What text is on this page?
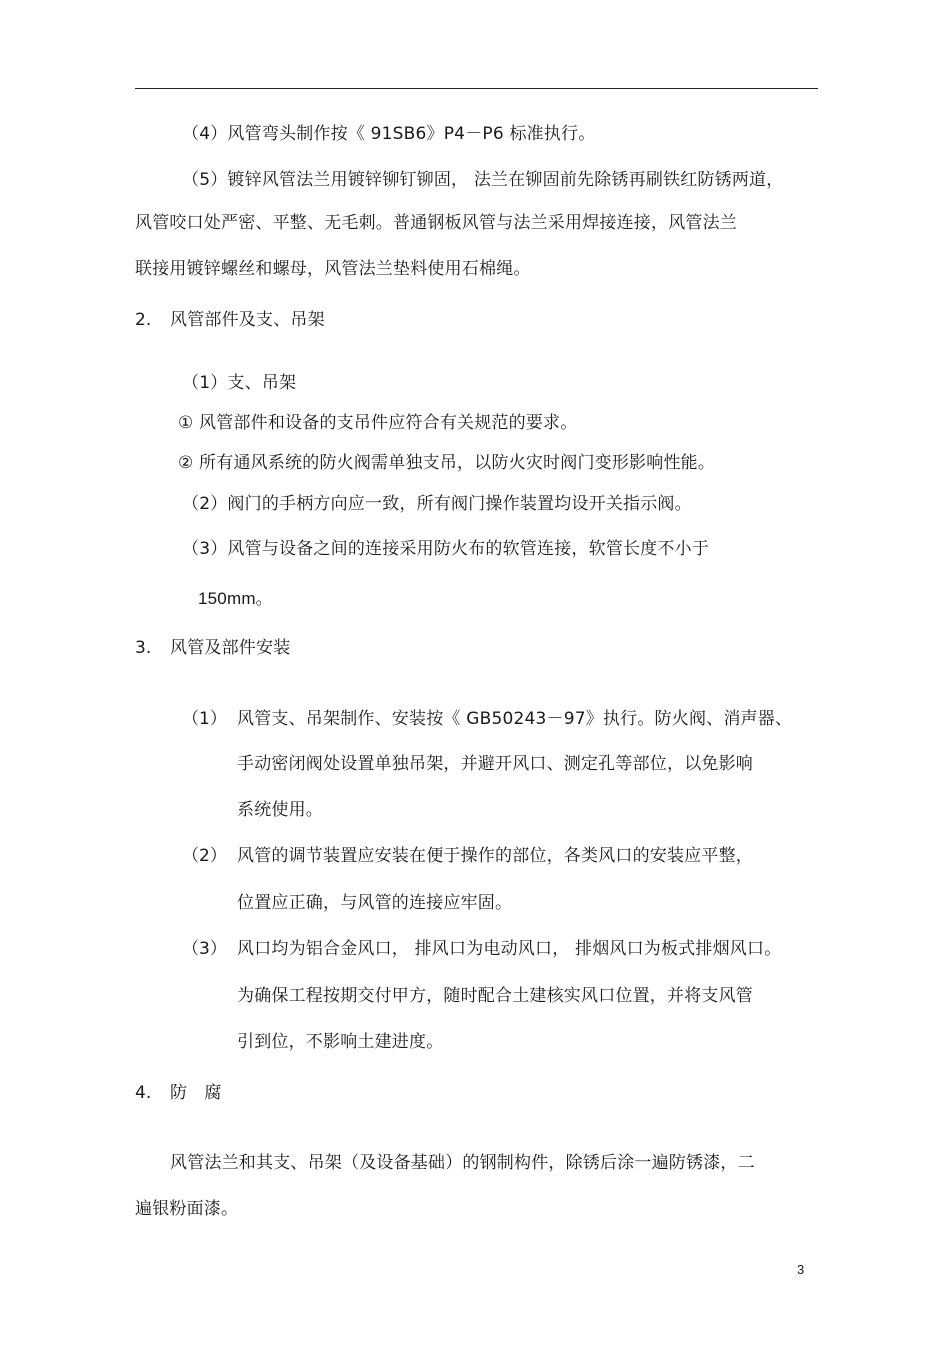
（4）风管弯头制作按《 91SB6》P4－P6 标准执行。
（5）镀锌风管法兰用镀锌铆钉铆固， 法兰在铆固前先除锈再刷铁红防锈两道，
风管咬口处严密、平整、无毛刺。普通钢板风管与法兰采用焊接连接，风管法兰
联接用镀锌螺丝和螺母，风管法兰垫料使用石棉绳。
2. 风管部件及支、吊架
（1）支、吊架
① 风管部件和设备的支吊件应符合有关规范的要求。
② 所有通风系统的防火阀需单独支吊，以防火灾时阀门变形影响性能。
（2）阀门的手柄方向应一致，所有阀门操作装置均设开关指示阀。
（3）风管与设备之间的连接采用防火布的软管连接，软管长度不小于
150mm。
3. 风管及部件安装
（1） 风管支、吊架制作、安装按《 GB50243－97》执行。防火阀、消声器、
手动密闭阀处设置单独吊架，并避开风口、测定孔等部位，以免影响
系统使用。
（2） 风管的调节装置应安装在便于操作的部位，各类风口的安装应平整，
位置应正确，与风管的连接应牢固。
（3） 风口均为铝合金风口， 排风口为电动风口， 排烟风口为板式排烟风口。
为确保工程按期交付甲方，随时配合土建核实风口位置，并将支风管
引到位，不影响土建进度。
4. 防　腐
风管法兰和其支、吊架（及设备基础）的钢制构件，除锈后涂一遍防锈漆，二
遍银粉面漆。
3
